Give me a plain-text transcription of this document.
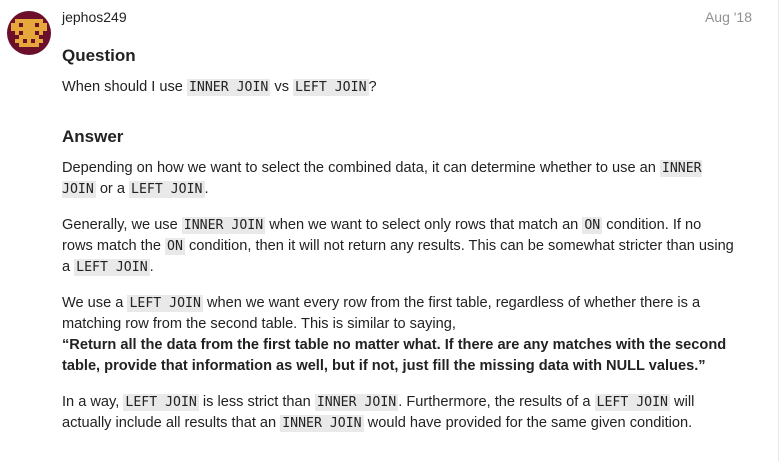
jephos249	Aug '18
Question

When should I use INNER JOIN vs LEFT JOIN ?

Answer

Depending on how we want to select the combined data, it can determine whether to use an INNER JOIN or a LEFT JOIN .

Generally, we use INNER JOIN when we want to select only rows that match an ON condition. If no rows match the ON condition, then it will not return any results. This can be somewhat stricter than using a LEFT JOIN .

We use a LEFT JOIN when we want every row from the first table, regardless of whether there is a matching row from the second table. This is similar to saying,
“Return all the data from the first table no matter what. If there are any matches with the second table, provide that information as well, but if not, just fill the missing data with NULL values.”

In a way, LEFT JOIN is less strict than INNER JOIN . Furthermore, the results of a LEFT JOIN will actually include all results that an INNER JOIN would have provided for the same given condition.
